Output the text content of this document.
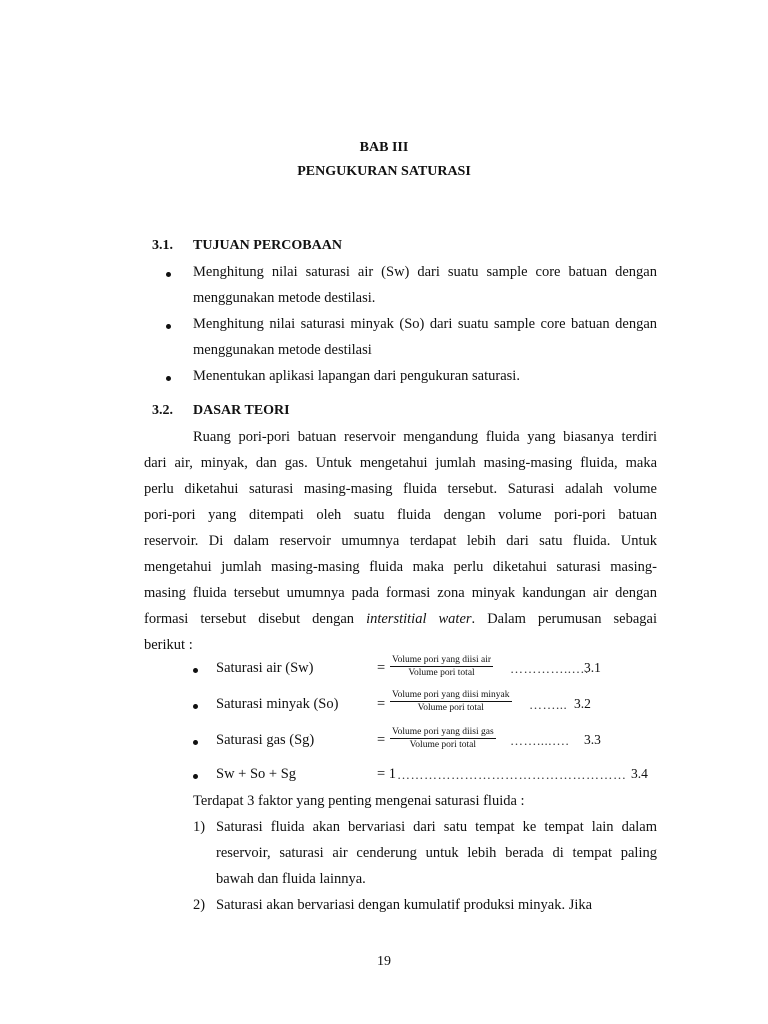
BAB III
PENGUKURAN SATURASI
3.1. TUJUAN PERCOBAAN
Menghitung nilai saturasi air (Sw) dari suatu sample core batuan dengan
menggunakan metode destilasi.
Menghitung nilai saturasi minyak (So) dari suatu sample core batuan dengan
menggunakan metode destilasi
Menentukan aplikasi lapangan dari pengukuran saturasi.
3.2. DASAR TEORI
Ruang pori-pori batuan reservoir mengandung fluida yang biasanya terdiri
dari air, minyak, dan gas. Untuk mengetahui jumlah masing-masing fluida, maka
perlu diketahui saturasi masing-masing fluida tersebut. Saturasi adalah volume
pori-pori yang ditempati oleh suatu fluida dengan volume pori-pori batuan
reservoir. Di dalam reservoir umumnya terdapat lebih dari satu fluida. Untuk
mengetahui jumlah masing-masing fluida maka perlu diketahui saturasi masing-
masing fluida tersebut umumnya pada formasi zona minyak kandungan air dengan
formasi tersebut disebut dengan interstitial water. Dalam perumusan sebagai
berikut :
Saturasi air (Sw)	= Volume pori yang diisi air
Volume pori total	…………..….
3.1
Saturasi minyak (So)	=
Volume pori yang diisi minyak
Volume pori total	……... 3.2
Saturasi gas (Sg)	= Volume pori yang diisi gas
Volume pori total	……....…. 3.3
Sw + So + Sg	= 1 …………………………………………… 3.4
Terdapat 3 faktor yang penting mengenai saturasi fluida :
1) Saturasi fluida akan bervariasi dari satu tempat ke tempat lain dalam
reservoir, saturasi air cenderung untuk lebih berada di tempat paling
bawah dan fluida lainnya.
2) Saturasi akan bervariasi dengan kumulatif produksi minyak. Jika
19
